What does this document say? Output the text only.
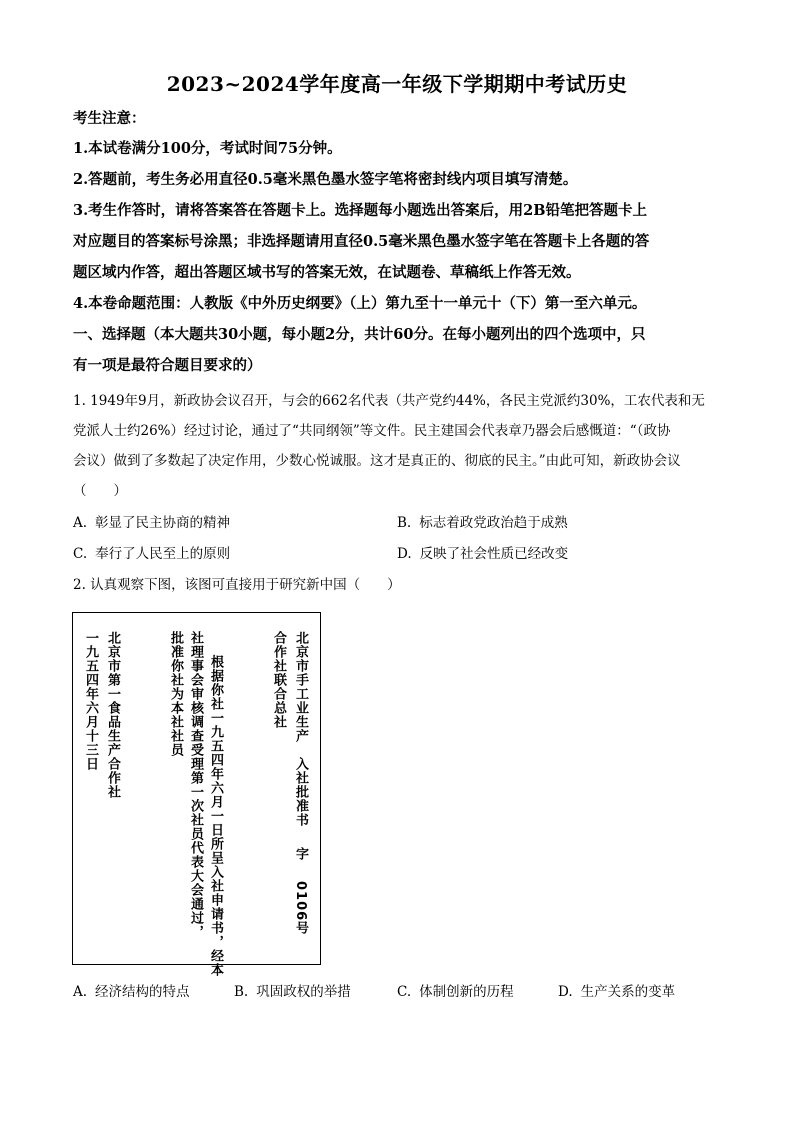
2023~2024学年度高一年级下学期期中考试历史
考生注意：
1.本试卷满分100分，考试时间75分钟。
2.答题前，考生务必用直径0.5毫米黑色墨水签字笔将密封线内项目填写清楚。
3.考生作答时，请将答案答在答题卡上。选择题每小题选出答案后，用2B铅笔把答题卡上
对应题目的答案标号涂黑；非选择题请用直径0.5毫米黑色墨水签字笔在答题卡上各题的答
题区域内作答，超出答题区域书写的答案无效，在试题卷、草稿纸上作答无效。
4.本卷命题范围：人教版《中外历史纲要》（上）第九至十一单元十（下）第一至六单元。
一、选择题（本大题共30小题，每小题2分，共计60分。在每小题列出的四个选项中，只
有一项是最符合题目要求的）
1. 1949年9月，新政协会议召开，与会的662名代表（共产党约44%，各民主党派约30%，工农代表和无
党派人士约26%）经过讨论，通过了“共同纲领”等文件。民主建国会代表章乃器会后感慨道：“（政协
会议）做到了多数起了决定作用，少数心悦诚服。这才是真正的、彻底的民主。”由此可知，新政协会议
（　　）
A. 彰显了民主协商的精神	B. 标志着政党政治趋于成熟
C. 奉行了人民至上的原则	D. 反映了社会性质已经改变
2. 认真观察下图，该图可直接用于研究新中国（　　）
北京市手工业生产入社批准书字0106号
合作社联合总社
根据你社一九五四年六月一日所呈入社申请书，经本
社理事会审核调查受理第一次社员代表大会通过，
批准你社为本社社员
北京市第一食品生产合作社
一九五四年六月十三日
A. 经济结构的特点	B. 巩固政权的举措	C. 体制创新的历程	D. 生产关系的变革
